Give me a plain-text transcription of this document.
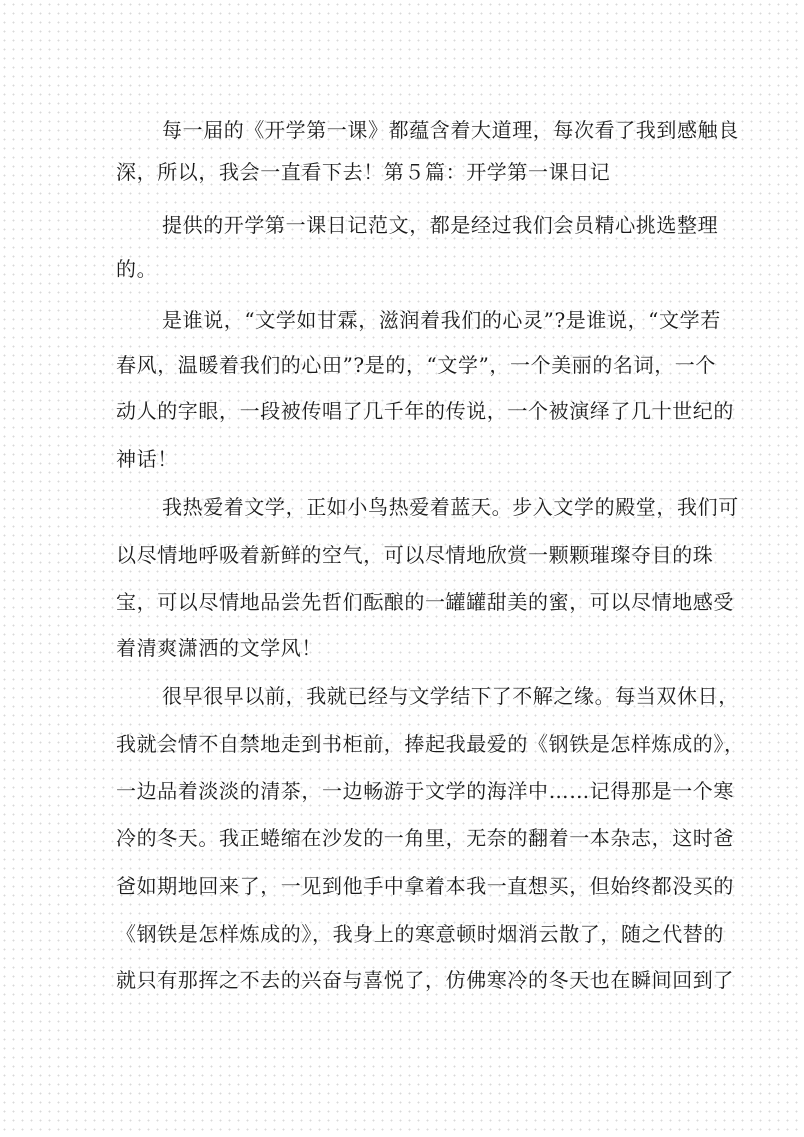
每一届的《开学第一课》都蕴含着大道理，每次看了我到感触良
深，所以，我会一直看下去！第５篇：开学第一课日记
提供的开学第一课日记范文，都是经过我们会员精心挑选整理
的。
是谁说，“文学如甘霖，滋润着我们的心灵”?是谁说，“文学若
春风，温暖着我们的心田”?是的，“文学”，一个美丽的名词，一个
动人的字眼，一段被传唱了几千年的传说，一个被演绎了几十世纪的
神话！
我热爱着文学，正如小鸟热爱着蓝天。步入文学的殿堂，我们可
以尽情地呼吸着新鲜的空气，可以尽情地欣赏一颗颗璀璨夺目的珠
宝，可以尽情地品尝先哲们酝酿的一罐罐甜美的蜜，可以尽情地感受
着清爽潇洒的文学风！
很早很早以前，我就已经与文学结下了不解之缘。每当双休日，
我就会情不自禁地走到书柜前，捧起我最爱的《钢铁是怎样炼成的》，
一边品着淡淡的清茶，一边畅游于文学的海洋中……记得那是一个寒
冷的冬天。我正蜷缩在沙发的一角里，无奈的翻着一本杂志，这时爸
爸如期地回来了，一见到他手中拿着本我一直想买，但始终都没买的
《钢铁是怎样炼成的》，我身上的寒意顿时烟消云散了，随之代替的
就只有那挥之不去的兴奋与喜悦了，仿佛寒冷的冬天也在瞬间回到了
